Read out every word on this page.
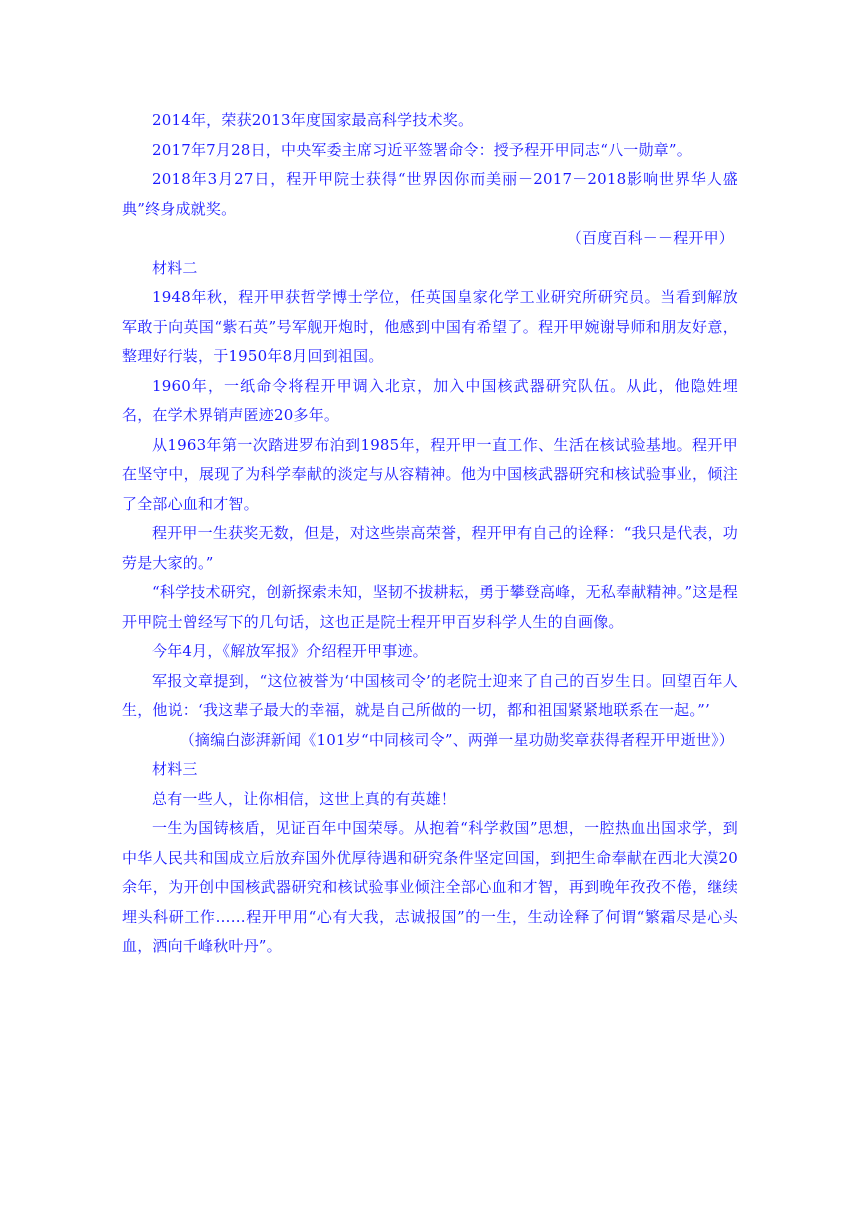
2014年，荣获2013年度国家最高科学技术奖。

2017年7月28日，中央军委主席习近平签署命令：授予程开甲同志“八一勋章”。

2018年3月27日，程开甲院士获得“世界因你而美丽－2017－2018影响世界华人盛典”终身成就奖。

（百度百科－－程开甲）

材料二

1948年秋，程开甲获哲学博士学位，任英国皇家化学工业研究所研究员。当看到解放军敢于向英国“紫石英”号军舰开炮时，他感到中国有希望了。程开甲婉谢导师和朋友好意，整理好行装，于1950年8月回到祖国。

1960年，一纸命令将程开甲调入北京，加入中国核武器研究队伍。从此，他隐姓埋名，在学术界销声匿迹20多年。

从1963年第一次踏进罗布泊到1985年，程开甲一直工作、生活在核试验基地。程开甲在坚守中，展现了为科学奉献的淡定与从容精神。他为中国核武器研究和核试验事业，倾注了全部心血和才智。

程开甲一生获奖无数，但是，对这些崇高荣誉，程开甲有自己的诠释：“我只是代表，功劳是大家的。”

“科学技术研究，创新探索未知，坚韧不拔耕耘，勇于攀登高峰，无私奉献精神。”这是程开甲院士曾经写下的几句话，这也正是院士程开甲百岁科学人生的自画像。

今年4月，《解放军报》介绍程开甲事迹。

军报文章提到，“这位被誉为‘中国核司令’的老院士迎来了自己的百岁生日。回望百年人生，他说：‘我这辈子最大的幸福，就是自己所做的一切，都和祖国紧紧地联系在一起。”’

（摘编白澎湃新闻《101岁“中同核司令”、两弹一星功勋奖章获得者程开甲逝世》）

材料三

总有一些人，让你相信，这世上真的有英雄！

一生为国铸核盾，见证百年中国荣辱。从抱着“科学救国”思想，一腔热血出国求学，到中华人民共和国成立后放弃国外优厚待遇和研究条件坚定回国，到把生命奉献在西北大漠20余年，为开创中国核武器研究和核试验事业倾注全部心血和才智，再到晚年孜孜不倦，继续埋头科研工作……程开甲用“心有大我，志诚报国”的一生，生动诠释了何谓“繁霜尽是心头血，洒向千峰秋叶丹”。
